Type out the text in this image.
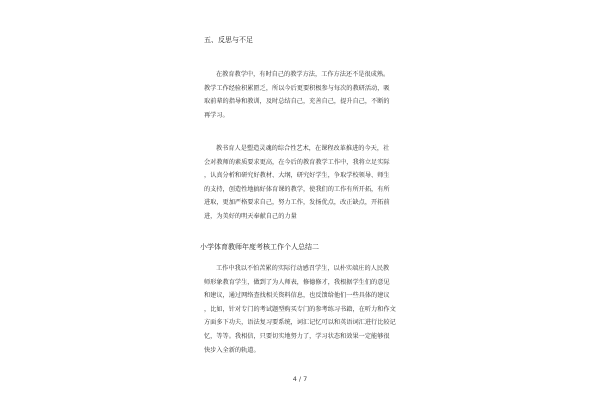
五、反思与不足
在教育教学中，有时自己的教学方法，工作方法还不是很成熟。
教学工作经验积累匮乏，所以今后更要积极参与每次的教研活动，吸
取前辈的指导和教训，及时总结自己，充善自己，提升自己，不断的
再学习。
教书育人是塑造灵魂的综合性艺术，在课程改革推进的今天，社
会对教师的素质要求更高，在今后的教育教学工作中，我将立足实际
，认真分析和研究好教材、大纲，研究好学生，争取学校领导、师生
的支持，创造性地搞好体育课的教学，使我们的工作有所开拓，有所
进取，更加严格要求自己，努力工作，发扬优点，改正缺点，开拓前
进，为美好的明天奉献自己的力量
小学体育教师年度考核工作个人总结二
工作中我以不怕苦累的实际行动感召学生，以朴实端庄的人民教
师形象教育学生，做到了为人师表，修德修才，我根据学生们的意见
和建议，通过网络查找相关资料信息，也反馈给他们一些具体的建议
，比如，针对专门的考试题型购买专门的参考练习书籍，在听力和作文
方面多下功夫，语法复习要系统，词汇记忆可以和英语词汇进行比较记
忆，等等。我相信，只要切实地努力了，学习状态和效果一定能够很
快步入全新的轨道。
4 / 7
